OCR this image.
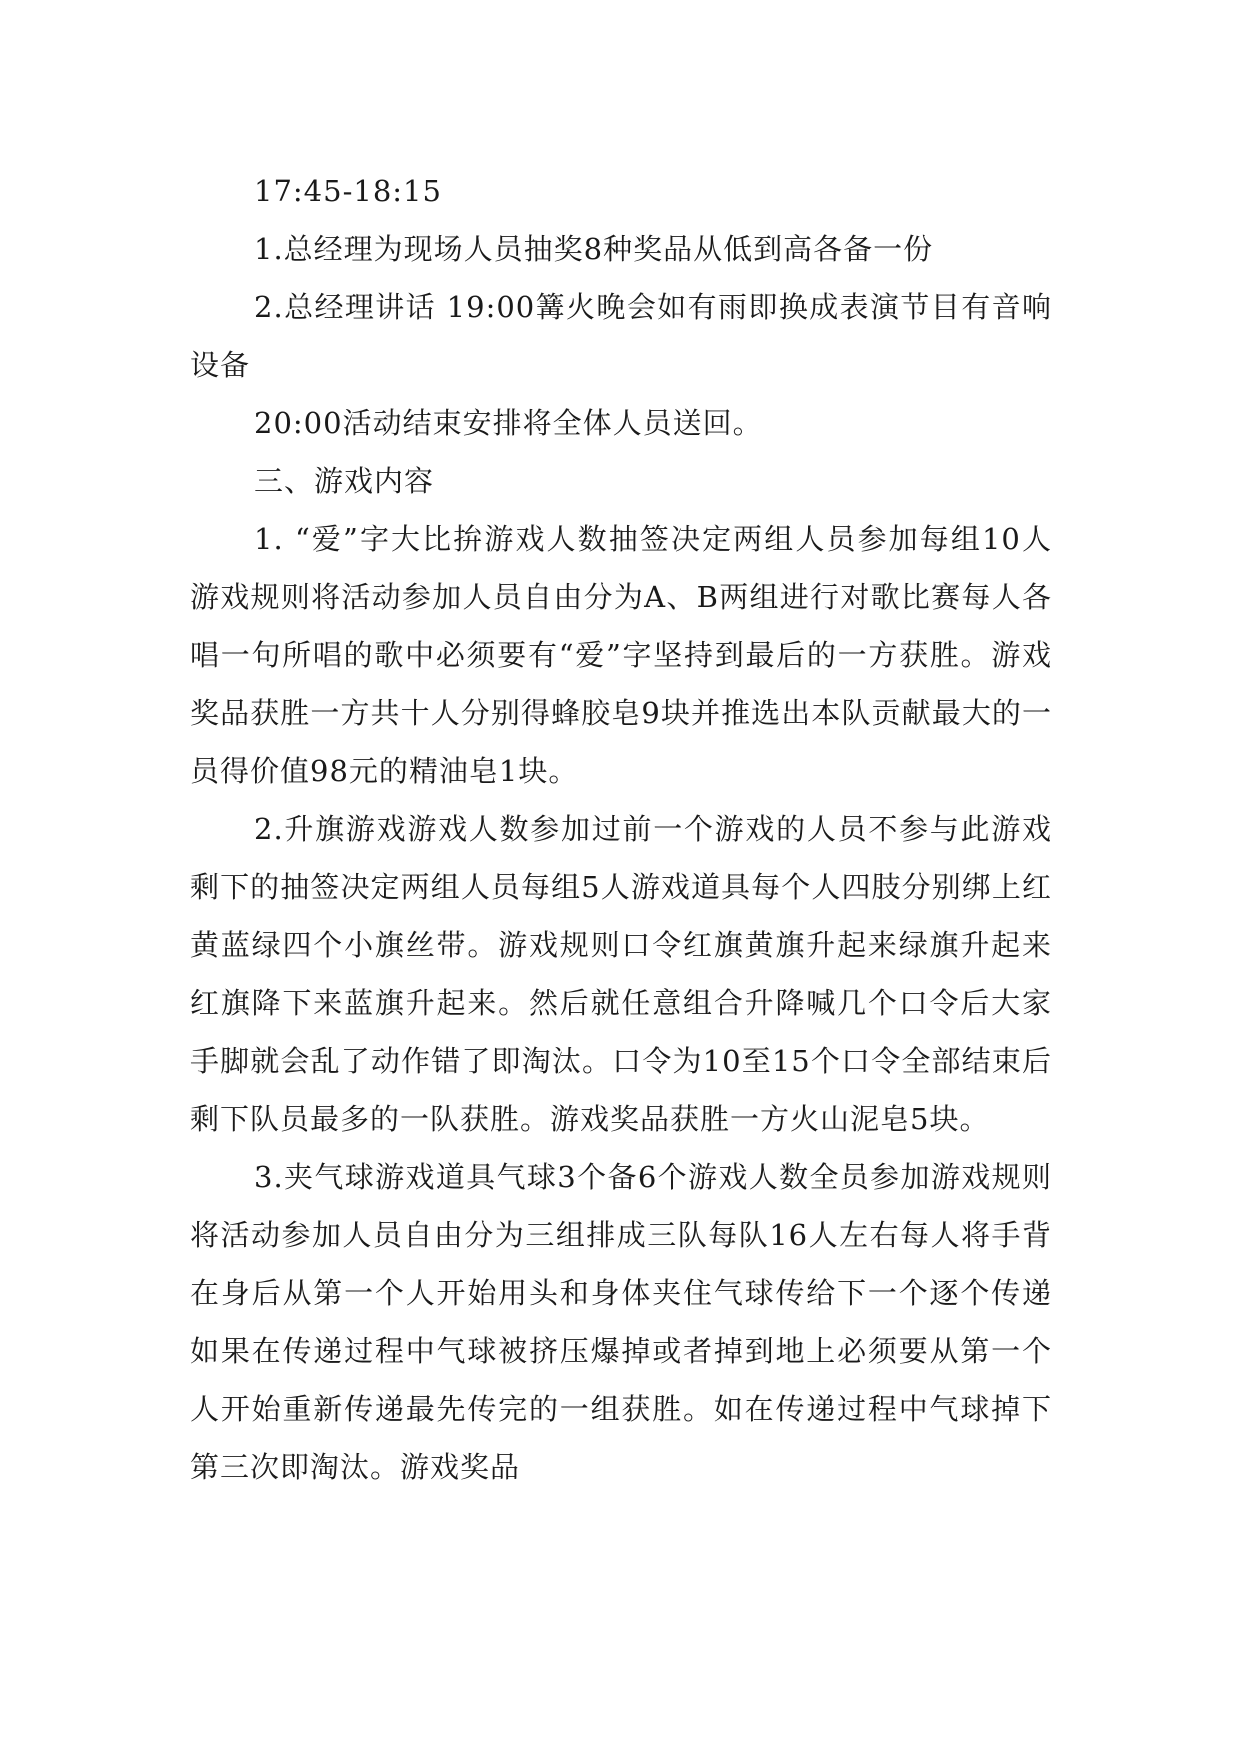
17:45-18:15

1.总经理为现场人员抽奖8种奖品从低到高各备一份

2.总经理讲话 19:00篝火晚会如有雨即换成表演节目有音响设备

20:00活动结束安排将全体人员送回。

三、游戏内容

1. “爱”字大比拚游戏人数抽签决定两组人员参加每组10人游戏规则将活动参加人员自由分为A、B两组进行对歌比赛每人各唱一句所唱的歌中必须要有“爱”字坚持到最后的一方获胜。游戏奖品获胜一方共十人分别得蜂胶皂9块并推选出本队贡献最大的一员得价值98元的精油皂1块。

2.升旗游戏游戏人数参加过前一个游戏的人员不参与此游戏剩下的抽签决定两组人员每组5人游戏道具每个人四肢分别绑上红黄蓝绿四个小旗丝带。游戏规则口令红旗黄旗升起来绿旗升起来红旗降下来蓝旗升起来。然后就任意组合升降喊几个口令后大家手脚就会乱了动作错了即淘汰。口令为10至15个口令全部结束后剩下队员最多的一队获胜。游戏奖品获胜一方火山泥皂5块。

3.夹气球游戏道具气球3个备6个游戏人数全员参加游戏规则将活动参加人员自由分为三组排成三队每队16人左右每人将手背在身后从第一个人开始用头和身体夹住气球传给下一个逐个传递如果在传递过程中气球被挤压爆掉或者掉到地上必须要从第一个人开始重新传递最先传完的一组获胜。如在传递过程中气球掉下第三次即淘汰。游戏奖品
